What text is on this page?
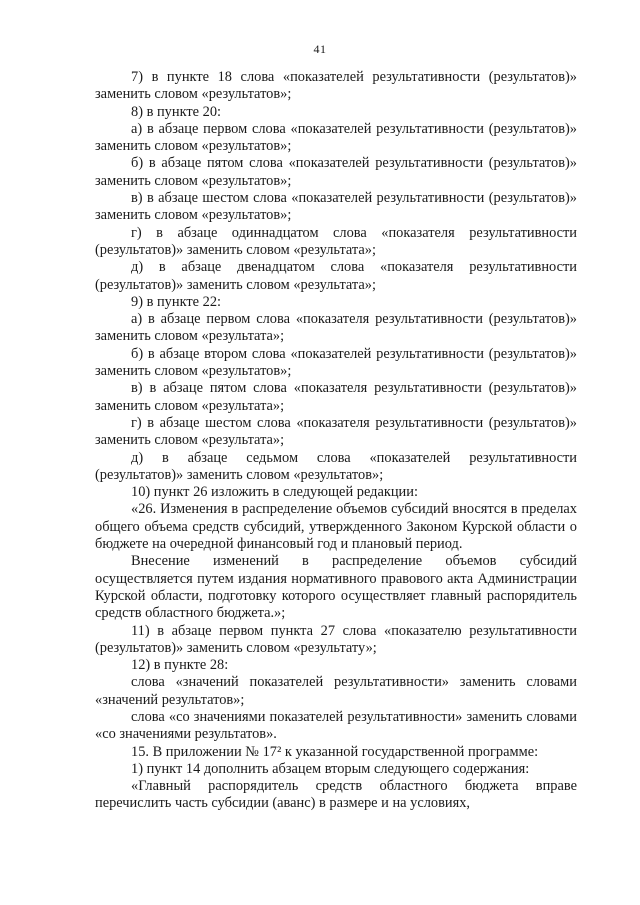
41

7) в пункте 18 слова «показателей результативности (результатов)» заменить словом «результатов»;

8) в пункте 20:

а) в абзаце первом слова «показателей результативности (результатов)» заменить словом «результатов»;

б) в абзаце пятом слова «показателей результативности (результатов)» заменить словом «результатов»;

в) в абзаце шестом слова «показателей результативности (результатов)» заменить словом «результатов»;

г) в абзаце одиннадцатом слова «показателя результативности (результатов)» заменить словом «результата»;

д) в абзаце двенадцатом слова «показателя результативности (результатов)» заменить словом «результата»;

9) в пункте 22:

а) в абзаце первом слова «показателя результативности (результатов)» заменить словом «результата»;

б) в абзаце втором слова «показателей результативности (результатов)» заменить словом «результатов»;

в) в абзаце пятом слова «показателя результативности (результатов)» заменить словом «результата»;

г) в абзаце шестом слова «показателя результативности (результатов)» заменить словом «результата»;

д) в абзаце седьмом слова «показателей результативности (результатов)» заменить словом «результатов»;

10) пункт 26 изложить в следующей редакции:

«26. Изменения в распределение объемов субсидий вносятся в пределах общего объема средств субсидий, утвержденного Законом Курской области о бюджете на очередной финансовый год и плановый период.

Внесение изменений в распределение объемов субсидий осуществляется путем издания нормативного правового акта Администрации Курской области, подготовку которого осуществляет главный распорядитель средств областного бюджета.»;

11) в абзаце первом пункта 27 слова «показателю результативности (результатов)» заменить словом «результату»;

12) в пункте 28:

слова «значений показателей результативности» заменить словами «значений результатов»;

слова «со значениями показателей результативности» заменить словами «со значениями результатов».

15. В приложении № 17² к указанной государственной программе:

1) пункт 14 дополнить абзацем вторым следующего содержания:

«Главный распорядитель средств областного бюджета вправе перечислить часть субсидии (аванс) в размере и на условиях,
